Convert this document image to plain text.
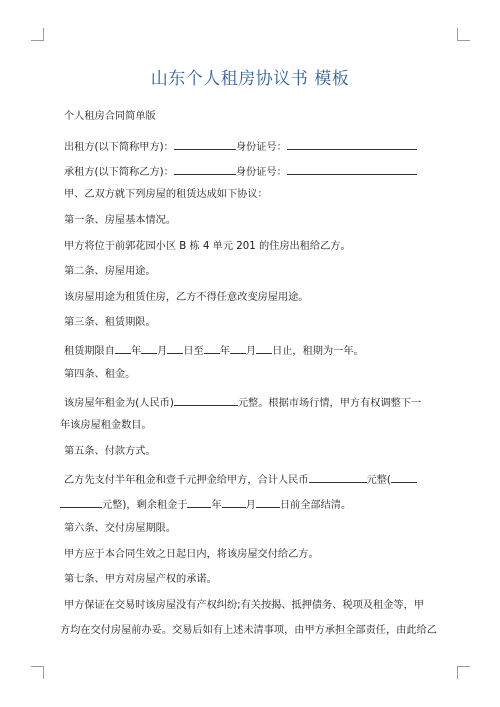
山东个人租房协议书 模板
个人租房合同简单版
出租方(以下简称甲方)：	身份证号：
承租方(以下简称乙方)：	身份证号：
甲、乙双方就下列房屋的租赁达成如下协议：
第一条、房屋基本情况。
甲方将位于前郭花园小区 B 栋 4 单元 201 的住房出租给乙方。
第二条、房屋用途。
该房屋用途为租赁住房，乙方不得任意改变房屋用途。
第三条、租赁期限。
租赁期限自 年 月 日至 年 月 日止，租期为一年。
第四条、租金。
该房屋年租金为(人民币)	元整。根据市场行情，甲方有权调整下一
年该房屋租金数目。
第五条、付款方式。
乙方先支付半年租金和壹千元押金给甲方，合计人民币	元整(
元整)，剩余租金于 年 月 日前全部结清。
第六条、交付房屋期限。
甲方应于本合同生效之日起日内，将该房屋交付给乙方。
第七条、甲方对房屋产权的承诺。
甲方保证在交易时该房屋没有产权纠纷;有关按揭、抵押债务、税项及租金等，甲
方均在交付房屋前办妥。交易后如有上述未清事项，由甲方承担全部责任，由此给乙
